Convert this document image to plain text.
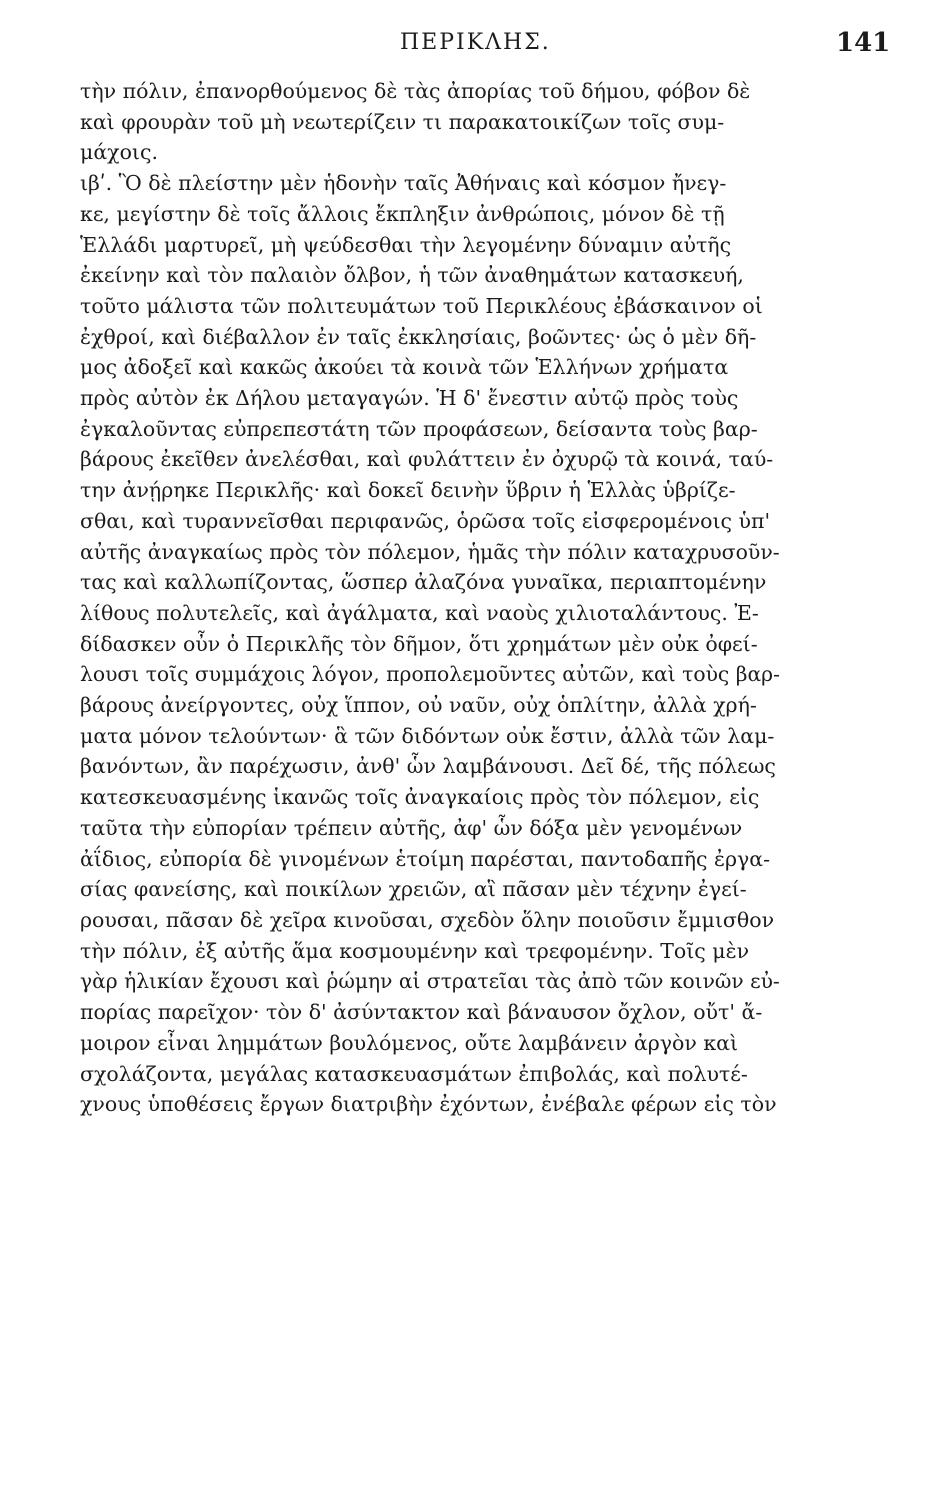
ΠΕΡΙΚΛΗΣ.	141
τὴν πόλιν, ἐπανορθούμενος δὲ τὰς ἀπορίας τοῦ δήμου, φόβον δὲ
καὶ φρουρὰν τοῦ μὴ νεωτερίζειν τι παρακατοικίζων τοῖς συμ-
μάχοις.
ιβʹ. Ὃ δὲ πλείστην μὲν ἡδονὴν ταῖς Ἀθήναις καὶ κόσμον ἤνεγ-
κε, μεγίστην δὲ τοῖς ἄλλοις ἔκπληξιν ἀνθρώποις, μόνον δὲ τῇ
Ἑλλάδι μαρτυρεῖ, μὴ ψεύδεσθαι τὴν λεγομένην δύναμιν αὐτῆς
ἐκείνην καὶ τὸν παλαιὸν ὄλβον, ἡ τῶν ἀναθημάτων κατασκευή,
τοῦτο μάλιστα τῶν πολιτευμάτων τοῦ Περικλέους ἐβάσκαινον οἱ
ἐχθροί, καὶ διέβαλλον ἐν ταῖς ἐκκλησίαις, βοῶντες· ὡς ὁ μὲν δῆ-
μος ἀδοξεῖ καὶ κακῶς ἀκούει τὰ κοινὰ τῶν Ἑλλήνων χρήματα
πρὸς αὐτὸν ἐκ Δήλου μεταγαγών. Ἡ δ' ἔνεστιν αὐτῷ πρὸς τοὺς
ἐγκαλοῦντας εὐπρεπεστάτη τῶν προφάσεων, δείσαντα τοὺς βαρ-
βάρους ἐκεῖθεν ἀνελέσθαι, καὶ φυλάττειν ἐν ὀχυρῷ τὰ κοινά, ταύ-
την ἀνῄρηκε Περικλῆς· καὶ δοκεῖ δεινὴν ὕβριν ἡ Ἑλλὰς ὑβρίζε-
σθαι, καὶ τυραννεῖσθαι περιφανῶς, ὁρῶσα τοῖς εἰσφερομένοις ὑπ'
αὐτῆς ἀναγκαίως πρὸς τὸν πόλεμον, ἡμᾶς τὴν πόλιν καταχρυσοῦν-
τας καὶ καλλωπίζοντας, ὥσπερ ἀλαζόνα γυναῖκα, περιαπτομένην
λίθους πολυτελεῖς, καὶ ἀγάλματα, καὶ ναοὺς χιλιοταλάντους. Ἐ-
δίδασκεν οὖν ὁ Περικλῆς τὸν δῆμον, ὅτι χρημάτων μὲν οὐκ ὀφεί-
λουσι τοῖς συμμάχοις λόγον, προπολεμοῦντες αὐτῶν, καὶ τοὺς βαρ-
βάρους ἀνείργοντες, οὐχ ἵππον, οὐ ναῦν, οὐχ ὁπλίτην, ἀλλὰ χρή-
ματα μόνον τελούντων· ἃ τῶν διδόντων οὐκ ἔστιν, ἀλλὰ τῶν λαμ-
βανόντων, ἂν παρέχωσιν, ἀνθ' ὧν λαμβάνουσι. Δεῖ δέ, τῆς πόλεως
κατεσκευασμένης ἱκανῶς τοῖς ἀναγκαίοις πρὸς τὸν πόλεμον, εἰς
ταῦτα τὴν εὐπορίαν τρέπειν αὐτῆς, ἀφ' ὧν δόξα μὲν γενομένων
ἀΐδιος, εὐπορία δὲ γινομένων ἑτοίμη παρέσται, παντοδαπῆς ἐργα-
σίας φανείσης, καὶ ποικίλων χρειῶν, αἳ πᾶσαν μὲν τέχνην ἐγεί-
ρουσαι, πᾶσαν δὲ χεῖρα κινοῦσαι, σχεδὸν ὅλην ποιοῦσιν ἔμμισθον
τὴν πόλιν, ἐξ αὐτῆς ἅμα κοσμουμένην καὶ τρεφομένην. Τοῖς μὲν
γὰρ ἡλικίαν ἔχουσι καὶ ῥώμην αἱ στρατεῖαι τὰς ἀπὸ τῶν κοινῶν εὐ-
πορίας παρεῖχον· τὸν δ' ἀσύντακτον καὶ βάναυσον ὄχλον, οὔτ' ἄ-
μοιρον εἶναι λημμάτων βουλόμενος, οὔτε λαμβάνειν ἀργὸν καὶ
σχολάζοντα, μεγάλας κατασκευασμάτων ἐπιβολάς, καὶ πολυτέ-
χνους ὑποθέσεις ἔργων διατριβὴν ἐχόντων, ἐνέβαλε φέρων εἰς τὸν
